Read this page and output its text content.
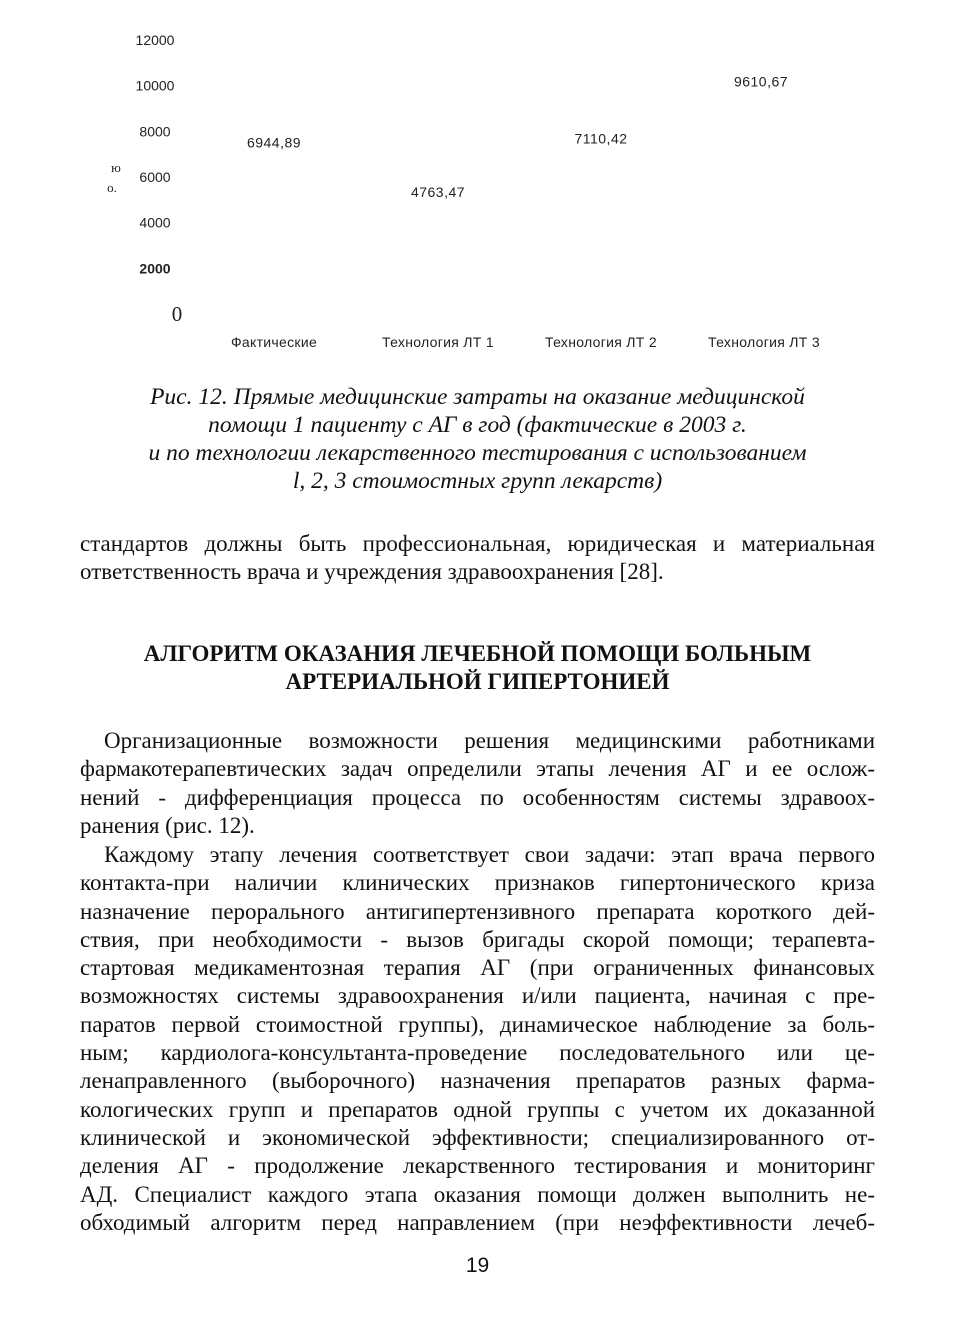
12000
10000
8000
6000
4000
2000
0
ю
о.
6944,89
4763,47
7110,42
9610,67
Фактические	Технология ЛТ 1	Технология ЛТ 2	Технология ЛТ 3
Рис. 12. Прямые медицинские затраты на оказание медицинской
помощи 1 пациенту с АГ в год (фактические в 2003 г.
и по технологии лекарственного тестирования с использованием
l, 2, 3 стоимостных групп лекарств)
стандартов должны быть профессиональная, юридическая и материальная
ответственность врача и учреждения здравоохранения [28].
АЛГОРИТМ ОКАЗАНИЯ ЛЕЧЕБНОЙ ПОМОЩИ БОЛЬНЫМ
АРТЕРИАЛЬНОЙ ГИПЕРТОНИЕЙ
Организационные возможности решения медицинскими работниками
фармакотерапевтических задач определили этапы лечения АГ и ее ослож-
нений - дифференциация процесса по особенностям системы здравоох-
ранения (рис. 12).
Каждому этапу лечения соответствует свои задачи: этап врача первого
контакта-при наличии клинических признаков гипертонического криза
назначение перорального антигипертензивного препарата короткого дей-
ствия, при необходимости - вызов бригады скорой помощи; терапевта-
стартовая медикаментозная терапия АГ (при ограниченных финансовых
возможностях системы здравоохранения и/или пациента, начиная с пре-
паратов первой стоимостной группы), динамическое наблюдение за боль-
ным; кардиолога-консультанта-проведение последовательного или це-
ленаправленного (выборочного) назначения препаратов разных фарма-
кологических групп и препаратов одной группы с учетом их доказанной
клинической и экономической эффективности; специализированного от-
деления АГ - продолжение лекарственного тестирования и мониторинг
АД. Специалист каждого этапа оказания помощи должен выполнить не-
обходимый алгоритм перед направлением (при неэффективности лечеб-
19
